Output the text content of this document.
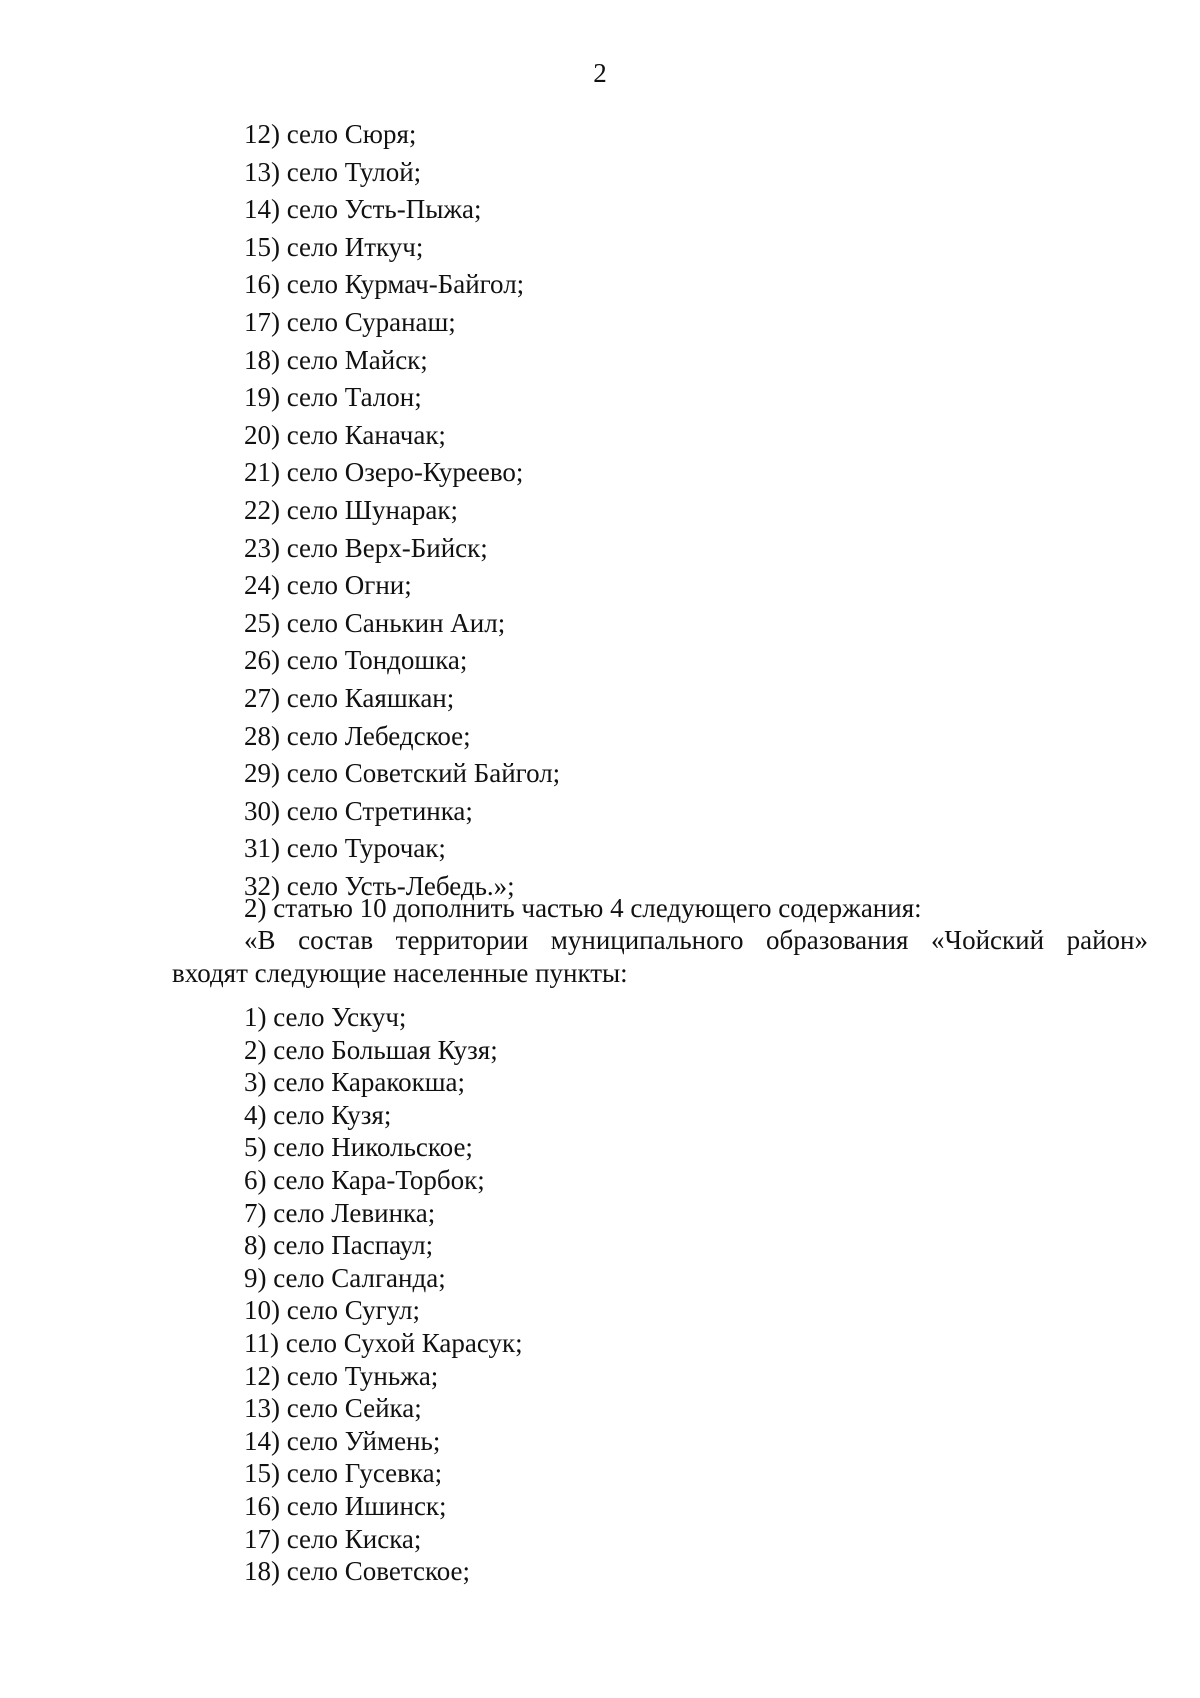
2
12) село Сюря;
13) село Тулой;
14) село Усть-Пыжа;
15) село Иткуч;
16) село Курмач-Байгол;
17) село Суранаш;
18) село Майск;
19) село Талон;
20) село Каначак;
21) село Озеро-Куреево;
22) село Шунарак;
23) село Верх-Бийск;
24) село Огни;
25) село Санькин Аил;
26) село Тондошка;
27) село Каяшкан;
28) село Лебедское;
29) село Советский Байгол;
30) село Стретинка;
31) село Турочак;
32) село Усть-Лебедь.»;
2) статью 10 дополнить частью 4 следующего содержания:

«В состав территории муниципального образования «Чойский район»
входят следующие населенные пункты:

1) село Ускуч;
2) село Большая Кузя;
3) село Каракокша;
4) село Кузя;
5) село Никольское;
6) село Кара-Торбок;
7) село Левинка;
8) село Паспаул;
9) село Салганда;
10) село Сугул;
11) село Сухой Карасук;
12) село Туньжа;
13) село Сейка;
14) село Уймень;
15) село Гусевка;
16) село Ишинск;
17) село Киска;
18) село Советское;
